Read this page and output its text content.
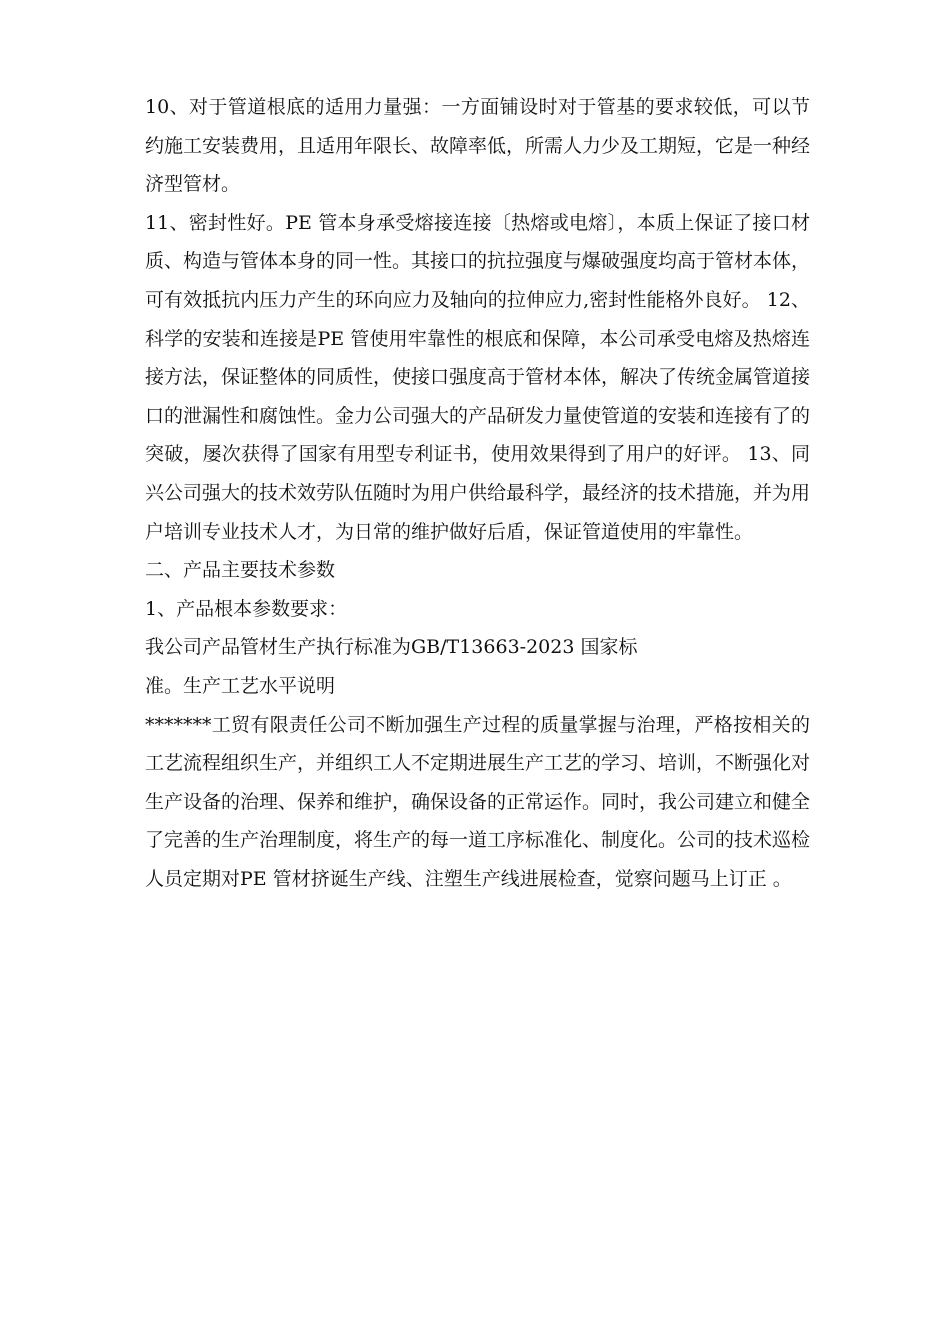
10、对于管道根底的适用力量强：一方面铺设时对于管基的要求较低，可以节约施工安装费用，且适用年限长、故障率低，所需人力少及工期短，它是一种经济型管材。

11、密封性好。PE 管本身承受熔接连接〔热熔或电熔〕，本质上保证了接口材质、构造与管体本身的同一性。其接口的抗拉强度与爆破强度均高于管材本体，可有效抵抗内压力产生的环向应力及轴向的拉伸应力,密封性能格外良好。 12、科学的安装和连接是PE 管使用牢靠性的根底和保障，本公司承受电熔及热熔连接方法，保证整体的同质性，使接口强度高于管材本体，解决了传统金属管道接口的泄漏性和腐蚀性。金力公司强大的产品研发力量使管道的安装和连接有了的突破，屡次获得了国家有用型专利证书，使用效果得到了用户的好评。 13、同兴公司强大的技术效劳队伍随时为用户供给最科学，最经济的技术措施，并为用户培训专业技术人才，为日常的维护做好后盾，保证管道使用的牢靠性。

二、产品主要技术参数

1、产品根本参数要求：

我公司产品管材生产执行标准为GB/T13663-2023 国家标

准。生产工艺水平说明

*******工贸有限责任公司不断加强生产过程的质量掌握与治理，严格按相关的工艺流程组织生产，并组织工人不定期进展生产工艺的学习、培训，不断强化对生产设备的治理、保养和维护，确保设备的正常运作。同时，我公司建立和健全了完善的生产治理制度，将生产的每一道工序标准化、制度化。公司的技术巡检人员定期对PE 管材挤诞生产线、注塑生产线进展检查，觉察问题马上订正 。
